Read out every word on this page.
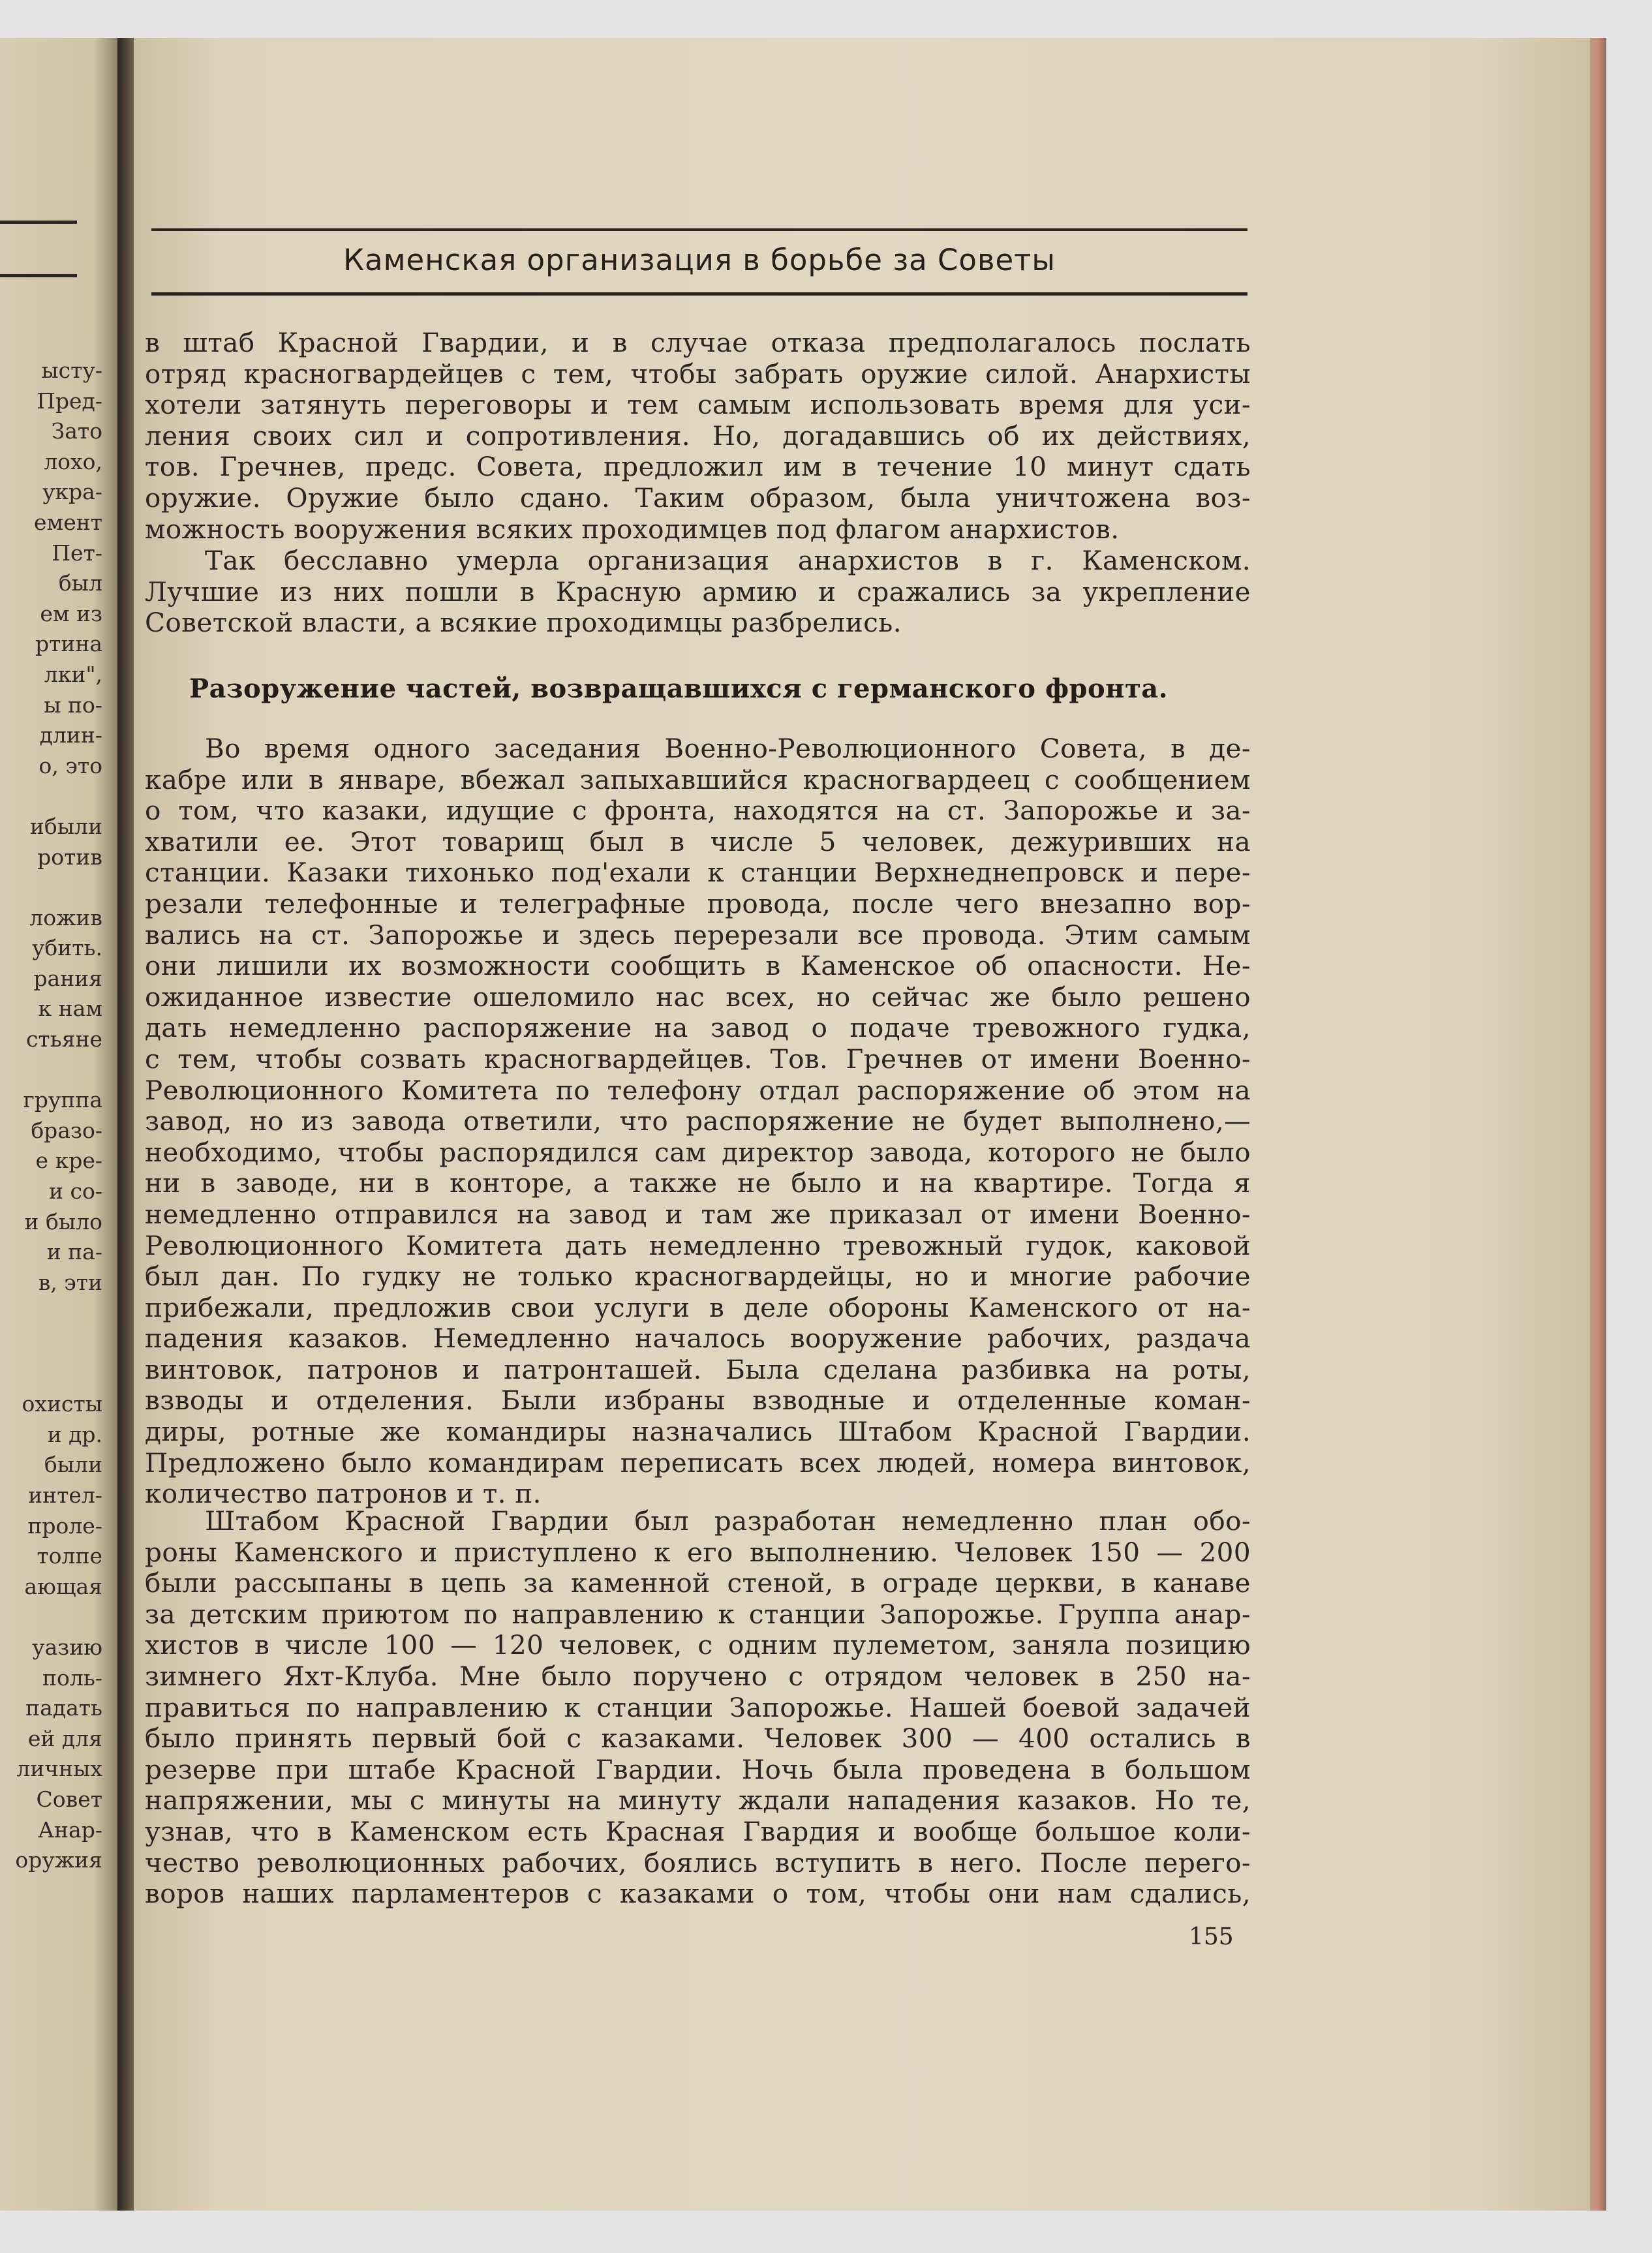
ысту-
Пред-
Зато
лохо,
укра-
емент
Пет-
был
ем из
ртина
лки",
ы по-
длин-
о, это

ибыли
ротив

ложив
убить.
рания
к нам
стьяне

группа
бразо-
е кре-
и со-
и было
и па-
в, эти

охисты
и др.
были
интел-
проле-
толпе
ающая

уазию
поль-
падать
ей для
личных
Совет
Анар-
оружия
Каменская организация в борьбе за Советы
в штаб Красной Гвардии, и в случае отказа предполагалось послать
отряд красногвардейцев с тем, чтобы забрать оружие силой. Анархисты
хотели затянуть переговоры и тем самым использовать время для уси-
ления своих сил и сопротивления. Но, догадавшись об их действиях,
тов. Гречнев, предс. Совета, предложил им в течение 10 минут сдать
оружие. Оружие было сдано. Таким образом, была уничтожена воз-
можность вооружения всяких проходимцев под флагом анархистов.
Так бесславно умерла организация анархистов в г. Каменском.
Лучшие из них пошли в Красную армию и сражались за укрепление
Советской власти, а всякие проходимцы разбрелись.
Разоружение частей, возвращавшихся с германского фронта.
Во время одного заседания Военно-Революционного Совета, в де-
кабре или в январе, вбежал запыхавшийся красногвардеец с сообщением
о том, что казаки, идущие с фронта, находятся на ст. Запорожье и за-
хватили ее. Этот товарищ был в числе 5 человек, дежуривших на
станции. Казаки тихонько под'ехали к станции Верхнеднепровск и пере-
резали телефонные и телеграфные провода, после чего внезапно вор-
вались на ст. Запорожье и здесь перерезали все провода. Этим самым
они лишили их возможности сообщить в Каменское об опасности. Не-
ожиданное известие ошеломило нас всех, но сейчас же было решено
дать немедленно распоряжение на завод о подаче тревожного гудка,
с тем, чтобы созвать красногвардейцев. Тов. Гречнев от имени Военно-
Революционного Комитета по телефону отдал распоряжение об этом на
завод, но из завода ответили, что распоряжение не будет выполнено,—
необходимо, чтобы распорядился сам директор завода, которого не было
ни в заводе, ни в конторе, а также не было и на квартире. Тогда я
немедленно отправился на завод и там же приказал от имени Военно-
Революционного Комитета дать немедленно тревожный гудок, каковой
был дан. По гудку не только красногвардейцы, но и многие рабочие
прибежали, предложив свои услуги в деле обороны Каменского от на-
падения казаков. Немедленно началось вооружение рабочих, раздача
винтовок, патронов и патронташей. Была сделана разбивка на роты,
взводы и отделения. Были избраны взводные и отделенные коман-
диры, ротные же командиры назначались Штабом Красной Гвардии.
Предложено было командирам переписать всех людей, номера винтовок,
количество патронов и т. п.
Штабом Красной Гвардии был разработан немедленно план обо-
роны Каменского и приступлено к его выполнению. Человек 150 — 200
были рассыпаны в цепь за каменной стеной, в ограде церкви, в канаве
за детским приютом по направлению к станции Запорожье. Группа анар-
хистов в числе 100 — 120 человек, с одним пулеметом, заняла позицию
зимнего Яхт-Клуба. Мне было поручено с отрядом человек в 250 на-
правиться по направлению к станции Запорожье. Нашей боевой задачей
было принять первый бой с казаками. Человек 300 — 400 остались в
резерве при штабе Красной Гвардии. Ночь была проведена в большом
напряжении, мы с минуты на минуту ждали нападения казаков. Но те,
узнав, что в Каменском есть Красная Гвардия и вообще большое коли-
чество революционных рабочих, боялись вступить в него. После перего-
воров наших парламентеров с казаками о том, чтобы они нам сдались,
155
